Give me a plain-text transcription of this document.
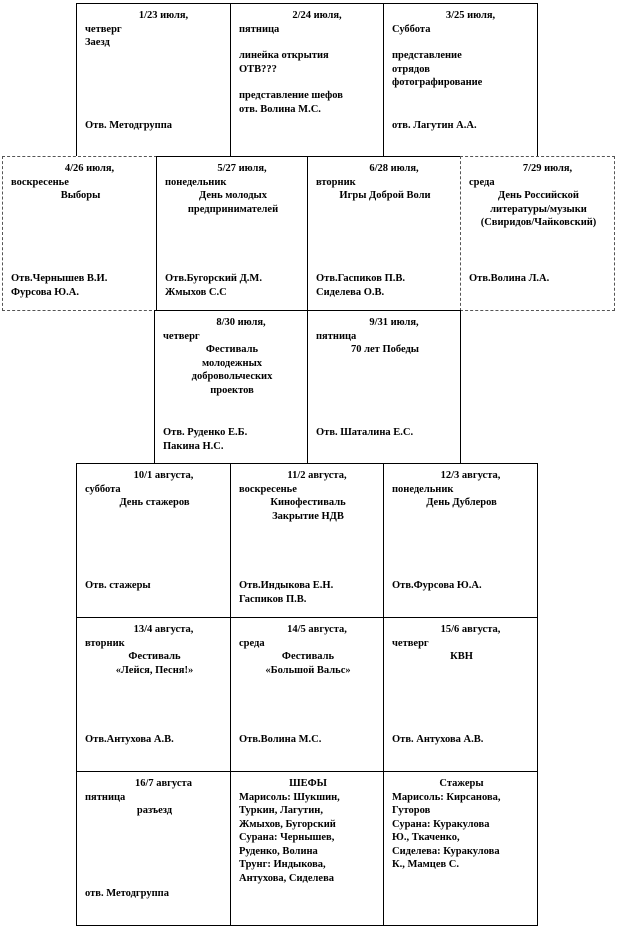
1/23 июля,
четверг
Заезд
Отв. Методгруппа
2/24 июля,
пятница
линейка открытия
ОТВ???
представление шефов
отв. Волина М.С.
3/25 июля,
Суббота
представление
отрядов
фотографирование
отв. Лагутин А.А.
4/26 июля,
воскресенье
Выборы
Отв.Чернышев В.И.
Фурсова Ю.А.
5/27 июля,
понедельник
День молодых
предпринимателей
Отв.Бугорский Д.М.
Жмыхов С.С
6/28 июля,
вторник
Игры Доброй Воли
Отв.Гаспиков П.В.
Сиделева О.В.
7/29 июля,
среда
День Российской
литературы/музыки
(Свиридов/Чайковский)
Отв.Волина Л.А.
8/30 июля,
четверг
Фестиваль
молодежных
добровольческих
проектов
Отв. Руденко Е.Б.
Пакина Н.С.
9/31 июля,
пятница
70 лет Победы
Отв. Шаталина Е.С.
10/1 августа,
суббота
День стажеров
Отв. стажеры
11/2 августа,
воскресенье
Кинофестиваль
Закрытие НДВ
Отв.Индыкова Е.Н.
Гаспиков П.В.
12/3 августа,
понедельник
День Дублеров
Отв.Фурсова Ю.А.
13/4 августа,
вторник
Фестиваль
«Лейся, Песня!»
Отв.Антухова А.В.
14/5 августа,
среда
Фестиваль
«Большой Вальс»
Отв.Волина М.С.
15/6 августа,
четверг
КВН
Отв. Антухова А.В.
16/7 августа
пятница
разъезд
отв. Методгруппа
ШЕФЫ
Марисоль: Шукшин,
Туркин, Лагутин,
Жмыхов, Бугорский
Сурана: Чернышев,
Руденко, Волина
Трунг: Индыкова,
Антухова, Сиделева
Стажеры
Марисоль: Кирсанова,
Гуторов
Сурана: Куракулова
Ю., Ткаченко,
Сиделева: Куракулова
К., Мамцев С.
